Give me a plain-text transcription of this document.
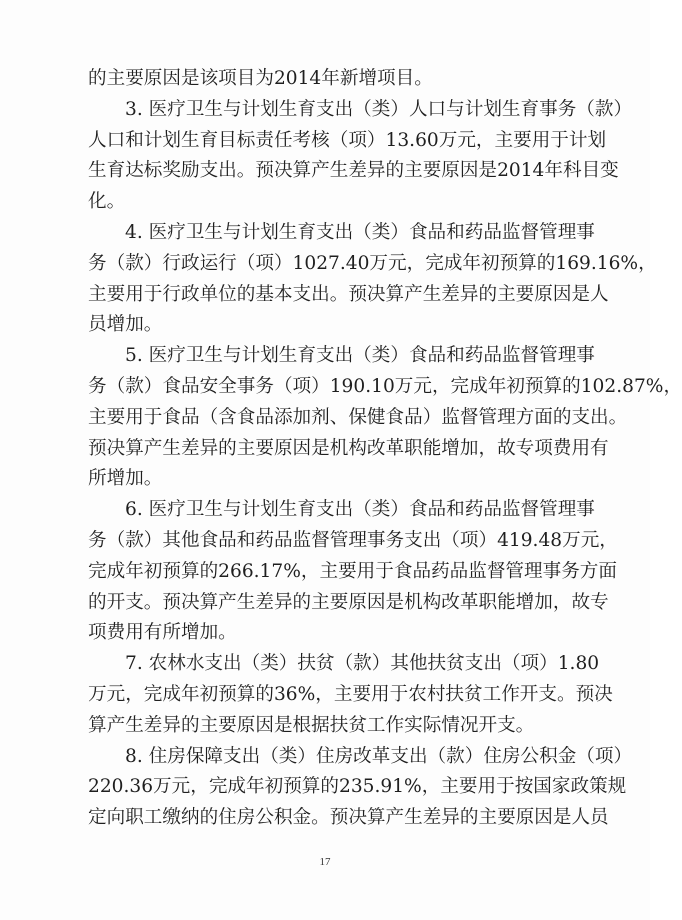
的主要原因是该项目为2014年新增项目。
3. 医疗卫生与计划生育支出（类）人口与计划生育事务（款）
人口和计划生育目标责任考核（项）13.60万元，主要用于计划
生育达标奖励支出。预决算产生差异的主要原因是2014年科目变
化。
4. 医疗卫生与计划生育支出（类）食品和药品监督管理事
务（款）行政运行（项）1027.40万元，完成年初预算的169.16%，
主要用于行政单位的基本支出。预决算产生差异的主要原因是人
员增加。
5. 医疗卫生与计划生育支出（类）食品和药品监督管理事
务（款）食品安全事务（项）190.10万元，完成年初预算的102.87%，
主要用于食品（含食品添加剂、保健食品）监督管理方面的支出。
预决算产生差异的主要原因是机构改革职能增加，故专项费用有
所增加。
6. 医疗卫生与计划生育支出（类）食品和药品监督管理事
务（款）其他食品和药品监督管理事务支出（项）419.48万元，
完成年初预算的266.17%，主要用于食品药品监督管理事务方面
的开支。预决算产生差异的主要原因是机构改革职能增加，故专
项费用有所增加。
7. 农林水支出（类）扶贫（款）其他扶贫支出（项）1.80
万元，完成年初预算的36%，主要用于农村扶贫工作开支。预决
算产生差异的主要原因是根据扶贫工作实际情况开支。
8. 住房保障支出（类）住房改革支出（款）住房公积金（项）
220.36万元，完成年初预算的235.91%，主要用于按国家政策规
定向职工缴纳的住房公积金。预决算产生差异的主要原因是人员
17
